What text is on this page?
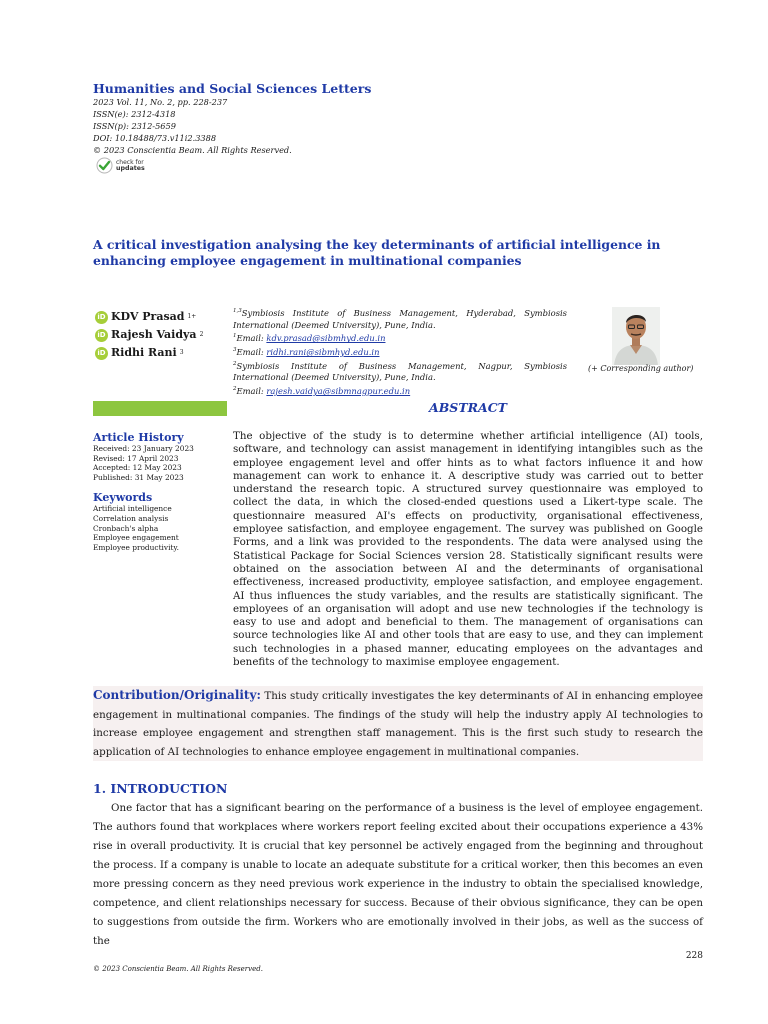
Humanities and Social Sciences Letters
2023 Vol. 11, No. 2, pp. 228-237
ISSN(e): 2312-4318
ISSN(p): 2312-5659
DOI: 10.18488/73.v11i2.3388
© 2023 Conscientia Beam. All Rights Reserved.
check for
updates
A critical investigation analysing the key determinants of artificial intelligence in enhancing employee engagement in multinational companies
iD KDV Prasad 1+
iD Rajesh Vaidya 2
iD Ridhi Rani 3

$^{1,3}$Symbiosis Institute of Business Management, Hyderabad, Symbiosis International (Deemed University), Pune, India.

$^1$Email: kdv.prasad@sibmhyd.edu.in

$^3$Email: ridhi.rani@sibmhyd.edu.in

$^2$Symbiosis Institute of Business Management, Nagpur, Symbiosis International (Deemed University), Pune, India.

$^2$Email: rajesh.vaidya@sibmnagpur.edu.in

(+ Corresponding author)
ABSTRACT
Article History
Received: 23 January 2023
Revised: 17 April 2023
Accepted: 12 May 2023
Published: 31 May 2023
Keywords
Artificial intelligence
Correlation analysis
Cronbach's alpha
Employee engagement
Employee productivity.
The objective of the study is to determine whether artificial intelligence (AI) tools, software, and technology can assist management in identifying intangibles such as the employee engagement level and offer hints as to what factors influence it and how management can work to enhance it. A descriptive study was carried out to better understand the research topic. A structured survey questionnaire was employed to collect the data, in which the closed-ended questions used a Likert-type scale. The questionnaire measured AI's effects on productivity, organisational effectiveness, employee satisfaction, and employee engagement. The survey was published on Google Forms, and a link was provided to the respondents. The data were analysed using the Statistical Package for Social Sciences version 28. Statistically significant results were obtained on the association between AI and the determinants of organisational effectiveness, increased productivity, employee satisfaction, and employee engagement. AI thus influences the study variables, and the results are statistically significant. The employees of an organisation will adopt and use new technologies if the technology is easy to use and adopt and beneficial to them. The management of organisations can source technologies like AI and other tools that are easy to use, and they can implement such technologies in a phased manner, educating employees on the advantages and benefits of the technology to maximise employee engagement.
Contribution/Originality: This study critically investigates the key determinants of AI in enhancing employee engagement in multinational companies. The findings of the study will help the industry apply AI technologies to increase employee engagement and strengthen staff management. This is the first such study to research the application of AI technologies to enhance employee engagement in multinational companies.
1. INTRODUCTION
One factor that has a significant bearing on the performance of a business is the level of employee engagement. The authors found that workplaces where workers report feeling excited about their occupations experience a 43% rise in overall productivity. It is crucial that key personnel be actively engaged from the beginning and throughout the process. If a company is unable to locate an adequate substitute for a critical worker, then this becomes an even more pressing concern as they need previous work experience in the industry to obtain the specialised knowledge, competence, and client relationships necessary for success. Because of their obvious significance, they can be open to suggestions from outside the firm. Workers who are emotionally involved in their jobs, as well as the success of the
228
© 2023 Conscientia Beam. All Rights Reserved.
